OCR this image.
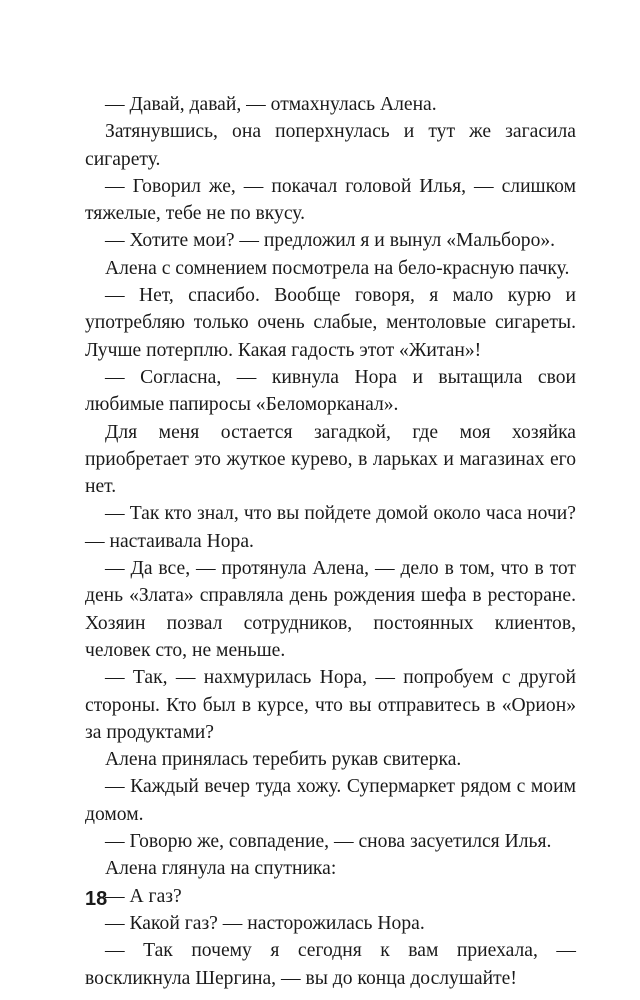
— Давай, давай, — отмахнулась Алена.

Затянувшись, она поперхнулась и тут же загасила сигарету.

— Говорил же, — покачал головой Илья, — слишком тяжелые, тебе не по вкусу.

— Хотите мои? — предложил я и вынул «Мальборо».

Алена с сомнением посмотрела на бело-красную пачку.

— Нет, спасибо. Вообще говоря, я мало курю и употребляю только очень слабые, ментоловые сигареты. Лучше потерплю. Какая гадость этот «Житан»!

— Согласна, — кивнула Нора и вытащила свои любимые папиросы «Беломорканал».

Для меня остается загадкой, где моя хозяйка приобретает это жуткое курево, в ларьках и магазинах его нет.

— Так кто знал, что вы пойдете домой около часа ночи? — настаивала Нора.

— Да все, — протянула Алена, — дело в том, что в тот день «Злата» справляла день рождения шефа в ресторане. Хозяин позвал сотрудников, постоянных клиентов, человек сто, не меньше.

— Так, — нахмурилась Нора, — попробуем с другой стороны. Кто был в курсе, что вы отправитесь в «Орион» за продуктами?

Алена принялась теребить рукав свитерка.

— Каждый вечер туда хожу. Супермаркет рядом с моим домом.

— Говорю же, совпадение, — снова засуетился Илья.

Алена глянула на спутника:

— А газ?

— Какой газ? — насторожилась Нора.

— Так почему я сегодня к вам приехала, — воскликнула Шергина, — вы до конца дослушайте!

18
